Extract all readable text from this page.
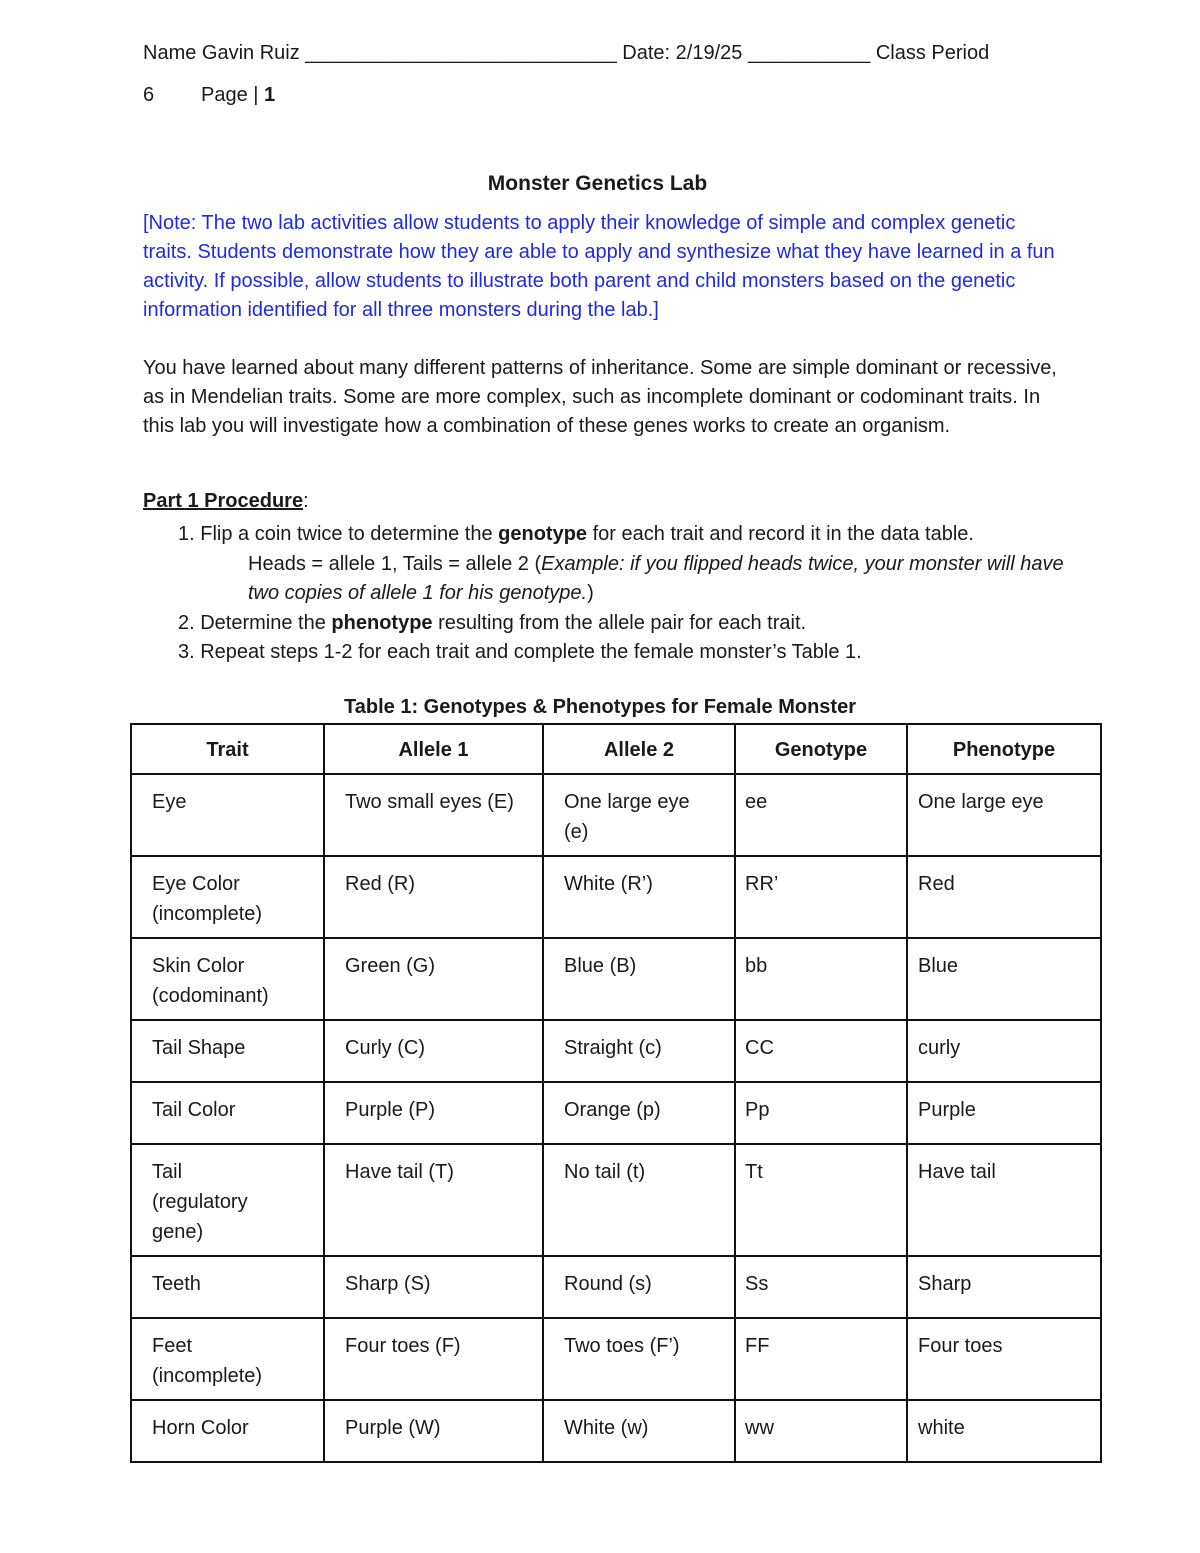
Name Gavin Ruiz ____________________________ Date: 2/19/25 ___________ Class Period
6 Page | 1
Monster Genetics Lab
[Note: The two lab activities allow students to apply their knowledge of simple and complex genetic traits. Students demonstrate how they are able to apply and synthesize what they have learned in a fun activity. If possible, allow students to illustrate both parent and child monsters based on the genetic information identified for all three monsters during the lab.]
You have learned about many different patterns of inheritance. Some are simple dominant or recessive, as in Mendelian traits. Some are more complex, such as incomplete dominant or codominant traits. In this lab you will investigate how a combination of these genes works to create an organism.
Part 1 Procedure:
1. Flip a coin twice to determine the genotype for each trait and record it in the data table.
Heads = allele 1, Tails = allele 2 (Example: if you flipped heads twice, your monster will have two copies of allele 1 for his genotype.)
2. Determine the phenotype resulting from the allele pair for each trait.
3. Repeat steps 1-2 for each trait and complete the female monster’s Table 1.
Table 1: Genotypes & Phenotypes for Female Monster
Trait	Allele 1	Allele 2	Genotype	Phenotype

Eye	Two small eyes (E)	One large eye (e)	ee	One large eye

Eye Color
(incomplete)	Red (R)	White (R’)	RR’	Red

Skin Color
(codominant)	Green (G)	Blue (B)	bb	Blue

Tail Shape	Curly (C)	Straight (c)	CC	curly

Tail Color	Purple (P)	Orange (p)	Pp	Purple

Tail
(regulatory gene)	Have tail (T)	No tail (t)	Tt	Have tail

Teeth	Sharp (S)	Round (s)	Ss	Sharp

Feet
(incomplete)	Four toes (F)	Two toes (F’)	FF	Four toes

Horn Color	Purple (W)	White (w)	ww	white
